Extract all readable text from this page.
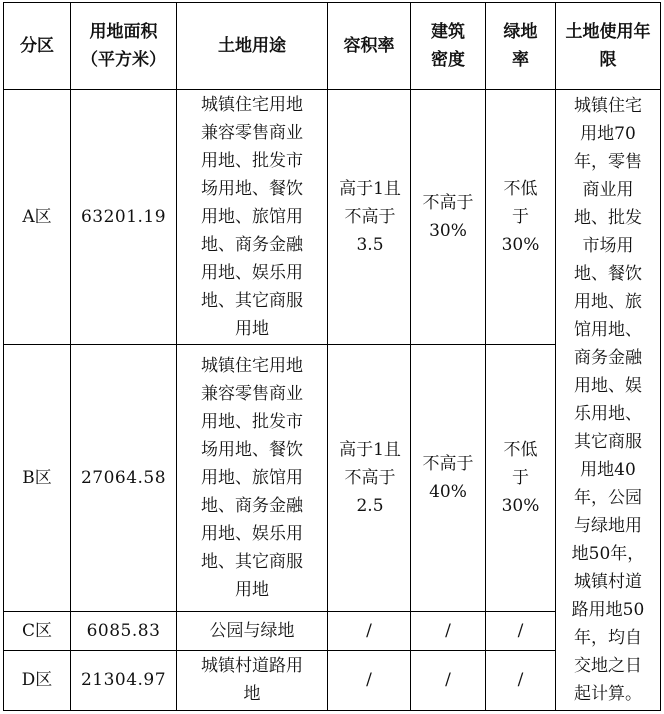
分区	用地面积（平方米）	土地用途	容积率	建筑密度	绿地率	土地使用年限
A区	63201.19	城镇住宅用地兼容零售商业用地、批发市场用地、餐饮用地、旅馆用地、商务金融用地、娱乐用地、其它商服用地	高于1且不高于3.5	不高于30%	不低于30%	城镇住宅用地70年，零售商业用地、批发市场用地、餐饮用地、旅馆用地、商务金融用地、娱乐用地、其它商服用地40年，公园与绿地用地50年，城镇村道路用地50年，均自交地之日起计算。
B区	27064.58	城镇住宅用地兼容零售商业用地、批发市场用地、餐饮用地、旅馆用地、商务金融用地、娱乐用地、其它商服用地	高于1且不高于2.5	不高于40%	不低于30%	
C区	6085.83	公园与绿地	/	/	/	
D区	21304.97	城镇村道路用地	/	/	/	
